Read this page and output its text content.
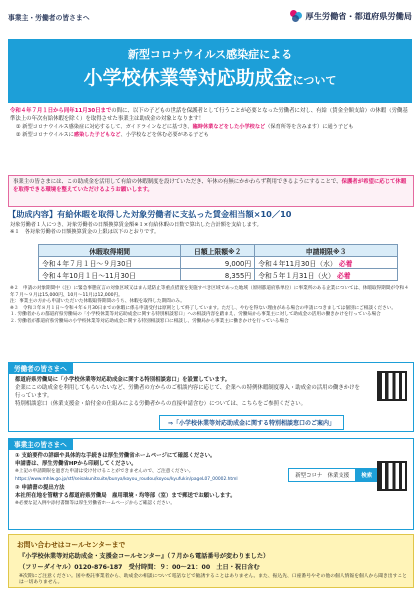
事業主・労働者の皆さまへ	厚生労働省・都道府県労働局
新型コロナウイルス感染症による
小学校休業等対応助成金について

令和４年７月１日から同年11月30日までの間に、以下の子どもの世話を保護者として行うことが必要となった労働者に対し、有給（賃金全額支給）の休暇（労働基準法上の年次有給休暇を除く）を取得させた事業主は助成金の対象となります！

① 新型コロナウイルス感染症に対応するして、ガイドラインなどに基づき、臨時休業などをした小学校など（保育所等を含みます）に通う子ども
② 新型コロナウイルスに感染した子どもなど、小学校などを休む必要がある子ども
事業主の皆さまには、この助成金を活用して有給の休暇制度を設けていただき、年休の有無にかかわらず利用できるようにすることで、保護者が希望に応じて休暇を取得できる環境を整えていただけるようお願いします。
【助成内容】有給休暇を取得した対象労働者に支払った賃金相当額×10／10
対象労働者１人につき、対象労働者の日額換算賃金額※１×有給休暇の日数で算出した合計額を支給します。
※１　各対象労働者の日額換算賃金の上限は以下のとおりです。
休暇取得期間	日額上限額※２	申請期限※３
令和４年７月１日～９月30日	9,000円	令和４年11月30日（水） 必着
令和４年10月１日～11月30日	8,355円	令和５年１月31日（火） 必着

※２　申請の対象期間中（注）に緊急事態宣言の対象区域又はまん延防止等重点措置を実施すべき区域であった地域（原則都道府県単位）に事業所のある企業については、休暇取得期間が令和４年７月～９月は15,000円、10月～11月は12,000円。

注：事業主の方から申請いただいた休暇取得期間のうち、休暇を取得した期間のみ。

※３　令和３年８月１日～令和４年６月30日までの休暇に係る申請受付は原則として終了しています。ただし、やむを得ない理由がある場合の申請につきましては個別にご相談ください。

１. 労働者からの都道府県労働局の「小学校休業等対応助成金に関する特別相談窓口」への相談内容を踏まえ、労働局から事業主に対して助成金の活用の働きかけを行っている場合

２. 労働者が都道府県労働局の小学校休業等対応助成金に関する特別相談窓口に相談し、労働局から事業主に働きかけを行っている場合

労働者の皆さまへ
都道府県労働局に「小学校休業等対応助成金に関する特別相談窓口」を設置しています。
企業にこの助成金を利用してもらいたいなど、労働者の方からのご相談内容に応じて、企業への特例休暇制度導入・助成金の活用の働きかけを行っています。
特別相談窓口（休業支援金・給付金の仕組みによる労働者からの直接申請含む）については、こちらをご参照ください。
⇒「小学校休業等対応助成金に関する特別相談窓口のご案内」
事業主の皆さまへ
① 支給要件の詳細や具体的な手続きは厚生労働省ホームページにて確認ください。
申請書は、厚生労働省HPから印刷してください。
※上記の申請期限を過ぎた申請は受け付けることができませんので、ご注意ください。
https://www.mhlw.go.jp/stf/seisakunitsuite/bunya/koyou_roudou/koyou/kyufukin/pageL07_00002.html
② 申請書の提出方法
本社所在地を管轄する都道府県労働局　雇用環境・均等部（室）まで郵送でお願いします。
※必要な記入例や添付書類等は厚生労働省ホームページからご確認ください。
新型コロナ　休業支援	検索
お問い合わせはコールセンターまで
『小学校休業等対応助成金・支援金コールセンター』（７月から電話番号が変わりました）
（フリーダイヤル）0120-876-187　受付時間：９：00～21：00　土日・祝日含む
※次期にご注意ください。国や委託事業者から、助成金の相談について電話などで勧誘することはありません。また、振込先、口座番号やその他の個人情報を個人から聞き出すことは一切ありません。
